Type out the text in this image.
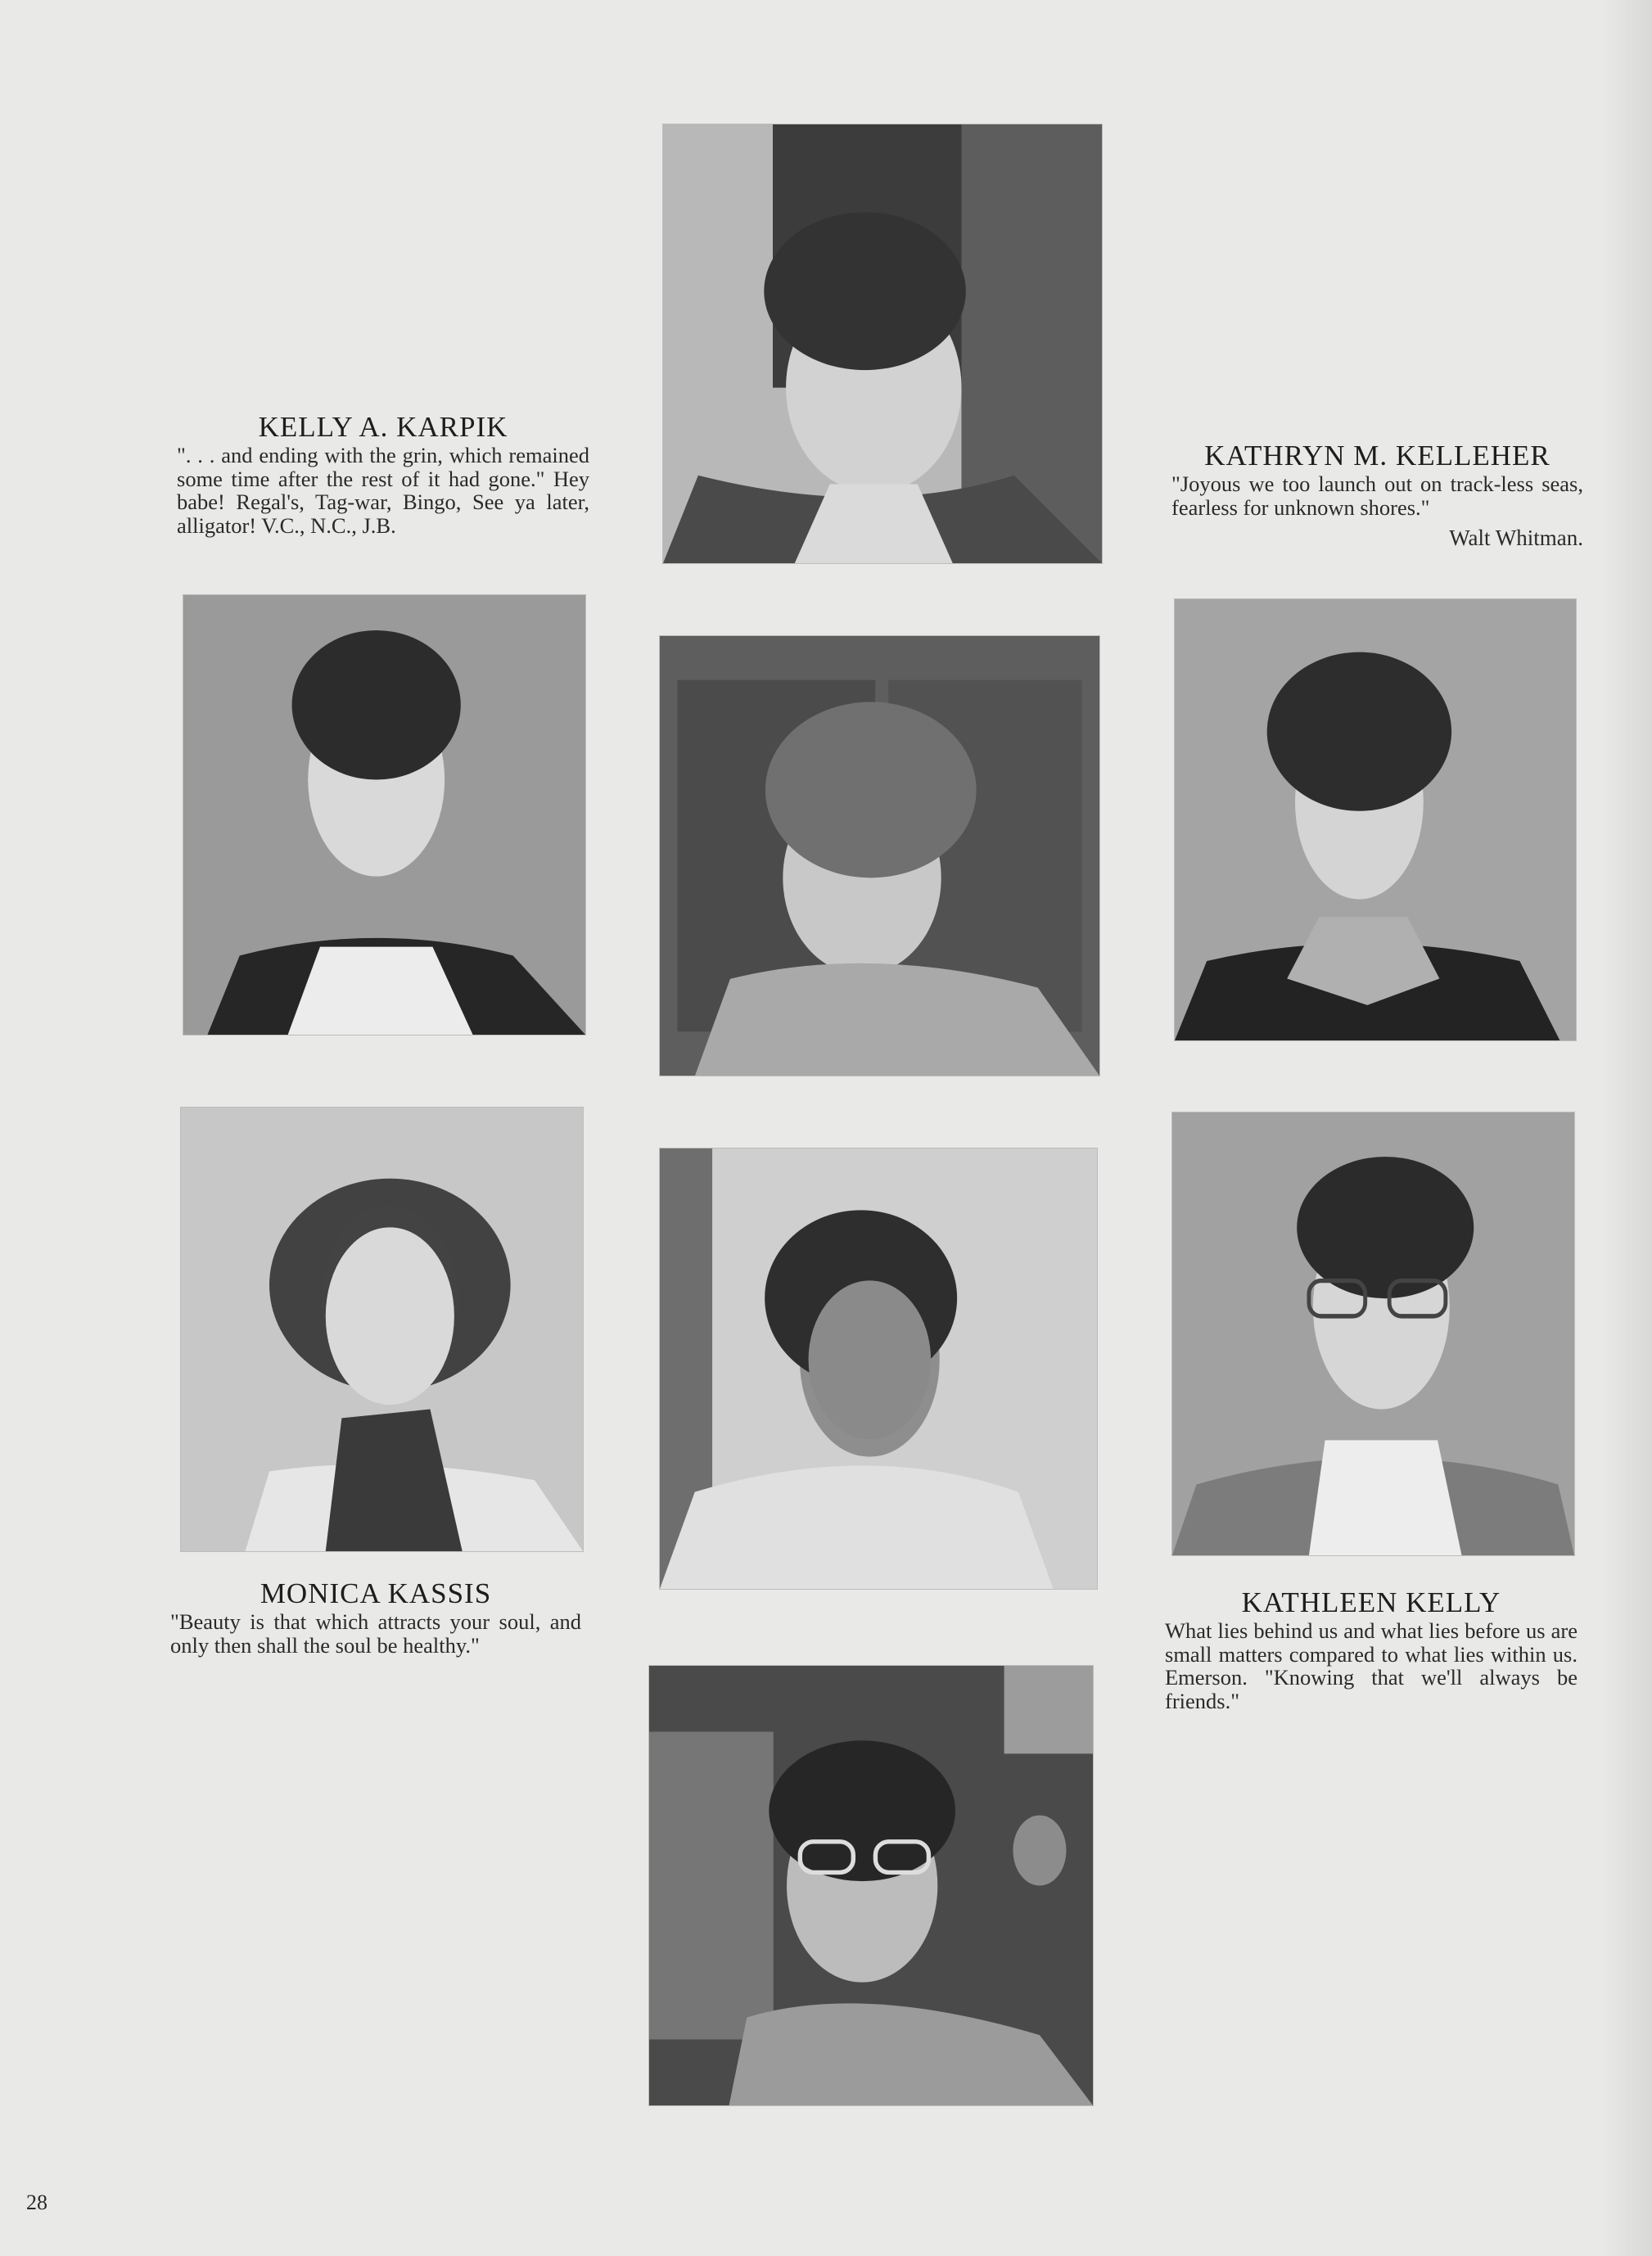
KELLY A. KARPIK

". . . and ending with the grin, which remained some time after the rest of it had gone." Hey babe! Regal's, Tag-war, Bingo, See ya later, alligator! V.C., N.C., J.B.

KATHRYN M. KELLEHER

"Joyous we too launch out on track-less seas, fearless for unknown shores."

Walt Whitman.

MONICA KASSIS

"Beauty is that which attracts your soul, and only then shall the soul be healthy."

KATHLEEN KELLY

What lies behind us and what lies before us are small matters compared to what lies within us. Emerson. "Knowing that we'll always be friends."

28
